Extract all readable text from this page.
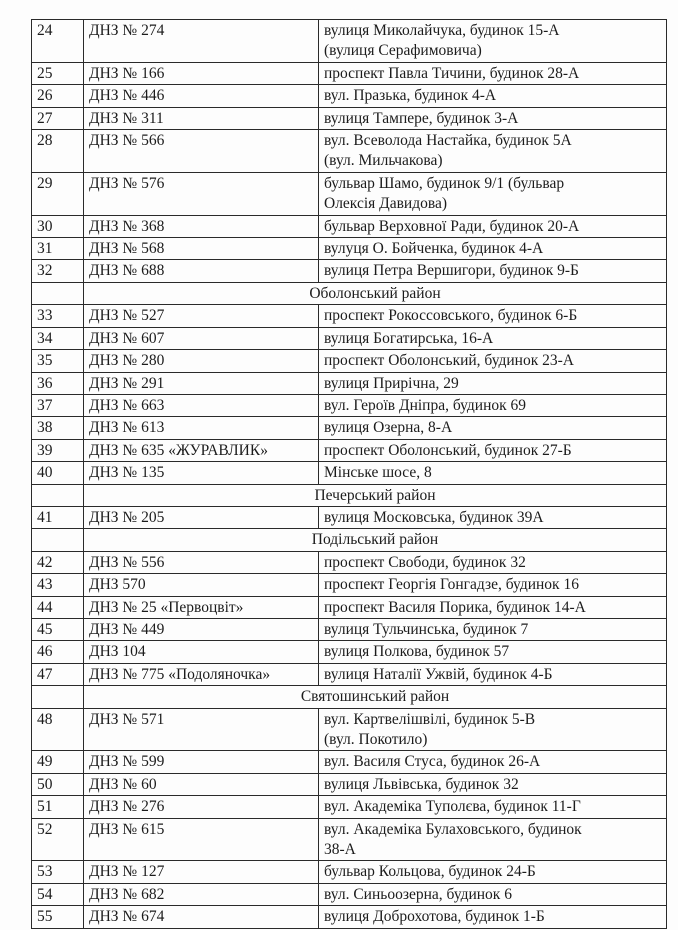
24	ДНЗ № 274	вулиця Миколайчука, будинок 15-А
(вулиця Серафимовича)

25	ДНЗ № 166	проспект Павла Тичини, будинок 28-А

26	ДНЗ № 446	вул. Празька, будинок 4-А

27	ДНЗ № 311	вулиця Тампере, будинок 3-А

28	ДНЗ № 566	вул. Всеволода Настайка, будинок 5А
(вул. Мильчакова)

29	ДНЗ № 576	бульвар Шамо, будинок 9/1 (бульвар
Олексія Давидова)

30	ДНЗ № 368	бульвар Верховної Ради, будинок 20-А

31	ДНЗ № 568	вулуця О. Бойченка, будинок 4-А

32	ДНЗ № 688	вулиця Петра Вершигори, будинок 9-Б

	Оболонський район	
33	ДНЗ № 527	проспект Рокоссовського, будинок 6-Б

34	ДНЗ № 607	вулиця Богатирська, 16-А

35	ДНЗ № 280	проспект Оболонський, будинок 23-А

36	ДНЗ № 291	вулиця Прирічна, 29

37	ДНЗ № 663	вул. Героїв Дніпра, будинок 69

38	ДНЗ № 613	вулиця Озерна, 8-А

39	ДНЗ № 635 «ЖУРАВЛИК»	проспект Оболонський, будинок 27-Б

40	ДНЗ № 135	Мінське шосе, 8

	Печерський район	
41	ДНЗ № 205	вулиця Московська, будинок 39А

	Подільський район	
42	ДНЗ № 556	проспект Свободи, будинок 32

43	ДНЗ 570	проспект Георгія Гонгадзе, будинок 16

44	ДНЗ № 25 «Первоцвіт»	проспект Василя Порика, будинок 14-А

45	ДНЗ № 449	вулиця Тульчинська, будинок 7

46	ДНЗ 104	вулиця Полкова, будинок 57

47	ДНЗ № 775 «Подоляночка»	вулиця Наталії Ужвій, будинок 4-Б

	Святошинський район	
48	ДНЗ № 571	вул. Картвелішвілі, будинок 5-В
(вул. Покотило)

49	ДНЗ № 599	вул. Василя Стуса, будинок 26-А

50	ДНЗ № 60	вулиця Львівська, будинок 32

51	ДНЗ № 276	вул. Академіка Туполєва, будинок 11-Г

52	ДНЗ № 615	вул. Академіка Булаховського, будинок
38-А

53	ДНЗ № 127	бульвар Кольцова, будинок 24-Б

54	ДНЗ № 682	вул. Синьоозерна, будинок 6

55	ДНЗ № 674	вулиця Доброхотова, будинок 1-Б
